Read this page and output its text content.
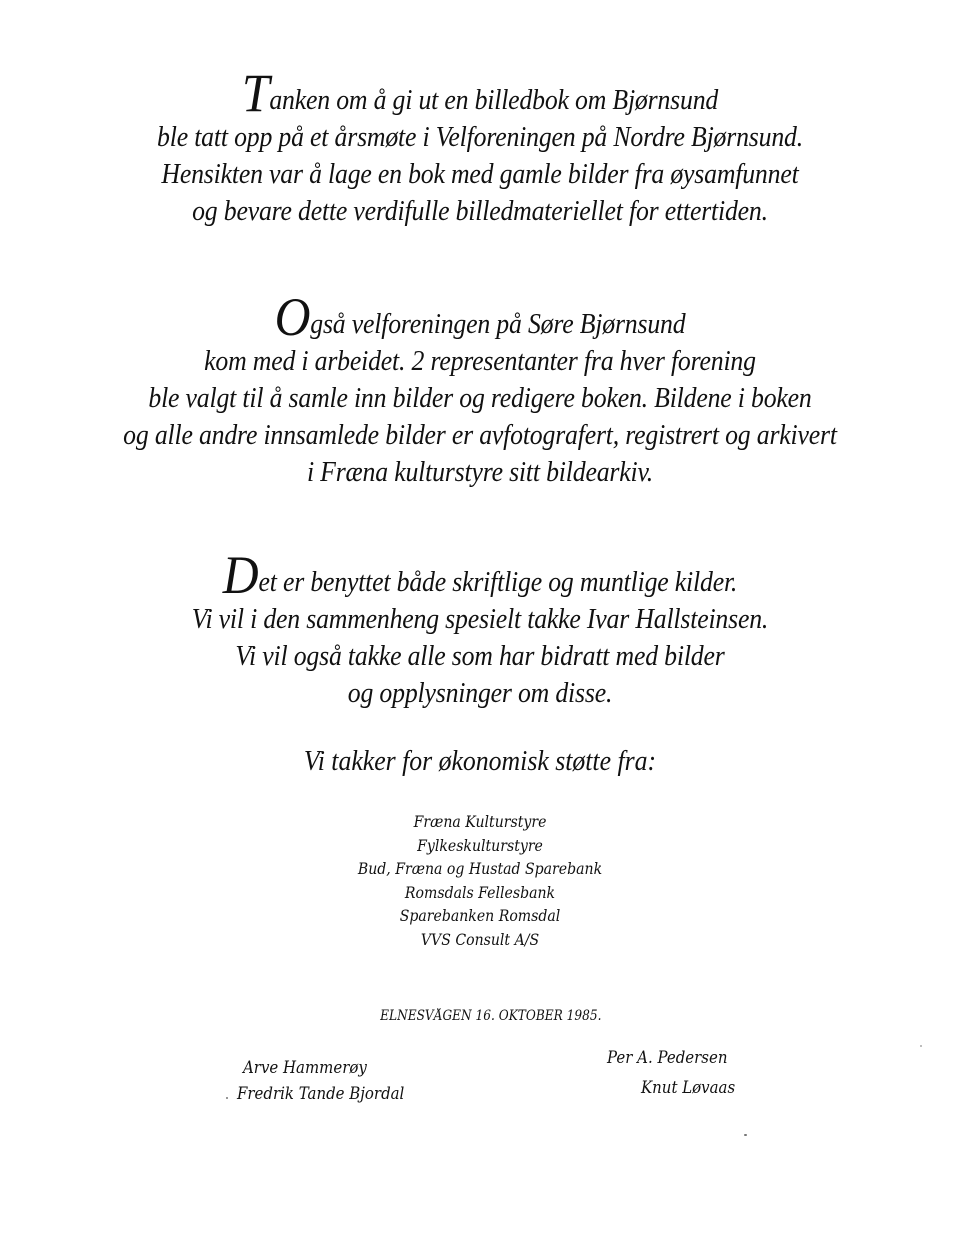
Tanken om å gi ut en billedbok om Bjørnsund
ble tatt opp på et årsmøte i Velforeningen på Nordre Bjørnsund.
Hensikten var å lage en bok med gamle bilder fra øysamfunnet
og bevare dette verdifulle billedmateriellet for ettertiden.
Også velforeningen på Søre Bjørnsund
kom med i arbeidet. 2 representanter fra hver forening
ble valgt til å samle inn bilder og redigere boken. Bildene i boken
og alle andre innsamlede bilder er avfotografert, registrert og arkivert
i Fræna kulturstyre sitt bildearkiv.
Det er benyttet både skriftlige og muntlige kilder.
Vi vil i den sammenheng spesielt takke Ivar Hallsteinsen.
Vi vil også takke alle som har bidratt med bilder
og opplysninger om disse.
Vi takker for økonomisk støtte fra:
Fræna Kulturstyre
Fylkeskulturstyre
Bud, Fræna og Hustad Sparebank
Romsdals Fellesbank
Sparebanken Romsdal
VVS Consult A/S
ELNESVÅGEN 16. OKTOBER 1985.
Arve Hammerøy
Fredrik Tande Bjordal
Per A. Pedersen
Knut Løvaas
